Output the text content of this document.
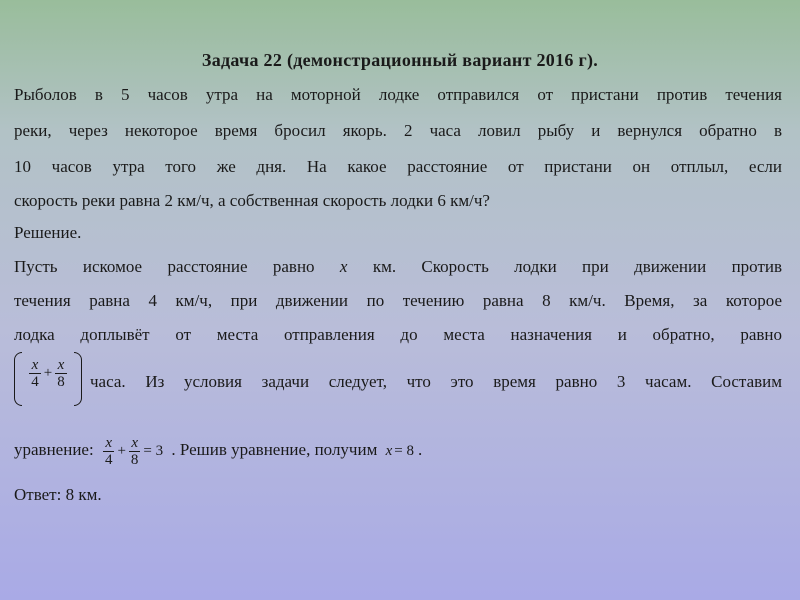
Задача 22 (демонстрационный вариант 2016 г).
Рыболов в 5 часов утра на моторной лодке отправился от пристани против течения
реки, через некоторое время бросил якорь. 2 часа ловил рыбу и вернулся обратно в
10 часов утра того же дня. На какое расстояние от пристани он отплыл, если
скорость реки равна 2 км/ч, а собственная скорость лодки 6 км/ч?
Решение.
Пусть искомое расстояние равно x км. Скорость лодки при движении против
течения равна 4 км/ч, при движении по течению равна 8 км/ч. Время, за которое
лодка доплывёт от места отправления до места назначения и обратно, равно
$\frac{x}{4} + \frac{x}{8}$ часа. Из условия задачи следует, что это время равно 3 часам. Составим
уравнение: $\frac{x}{4} + \frac{x}{8} = 3$ . Решив уравнение, получим x = 8 .
Ответ: 8 км.
